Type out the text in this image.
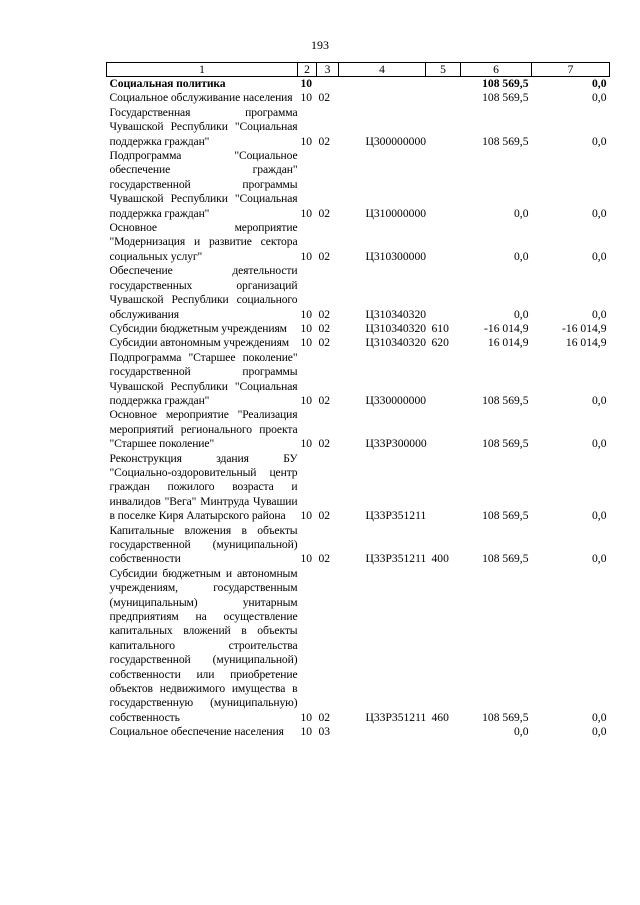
193
1	2	3	4	5	6	7
Социальная политика	10				108 569,5	0,0
Социальное обслуживание населения	10	02			108 569,5	0,0
Государственная программа Чувашской Республики "Социальная поддержка граждан"	10	02	Ц300000000		108 569,5	0,0
Подпрограмма "Социальное обеспечение граждан" государственной программы Чувашской Республики "Социальная поддержка граждан"	10	02	Ц310000000		0,0	0,0
Основное мероприятие "Модернизация и развитие сектора социальных услуг"	10	02	Ц310300000		0,0	0,0
Обеспечение деятельности государственных организаций Чувашской Республики социального обслуживания	10	02	Ц310340320		0,0	0,0
Субсидии бюджетным учреждениям	10	02	Ц310340320	610	-16 014,9	-16 014,9
Субсидии автономным учреждениям	10	02	Ц310340320	620	16 014,9	16 014,9
Подпрограмма "Старшее поколение" государственной программы Чувашской Республики "Социальная поддержка граждан"	10	02	Ц330000000		108 569,5	0,0
Основное мероприятие "Реализация мероприятий регионального проекта "Старшее поколение"	10	02	Ц33P300000		108 569,5	0,0
Реконструкция здания БУ "Социально-оздоровительный центр граждан пожилого возраста и инвалидов "Вега" Минтруда Чувашии в поселке Киря Алатырского района	10	02	Ц33P351211		108 569,5	0,0
Капитальные вложения в объекты государственной (муниципальной) собственности	10	02	Ц33P351211	400	108 569,5	0,0
Субсидии бюджетным и автономным учреждениям, государственным (муниципальным) унитарным предприятиям на осуществление капитальных вложений в объекты капитального строительства государственной (муниципальной) собственности или приобретение объектов недвижимого имущества в государственную (муниципальную) собственность	10	02	Ц33P351211	460	108 569,5	0,0
Социальное обеспечение населения	10	03			0,0	0,0
